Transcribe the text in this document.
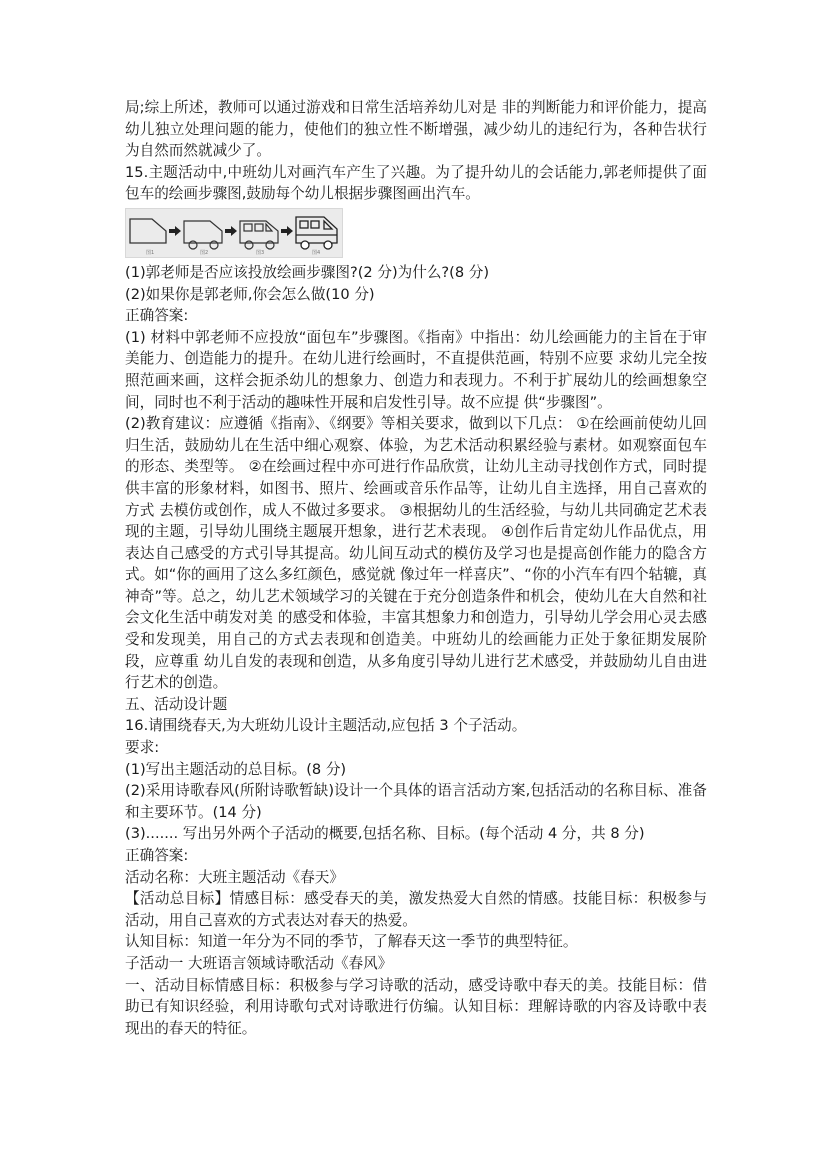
局;综上所述，教师可以通过游戏和日常生活培养幼儿对是 非的判断能力和评价能力，提高幼儿独立处理问题的能力，使他们的独立性不断增强，减少幼儿的违纪行为，各种告状行为自然而然就减少了。

15.主题活动中,中班幼儿对画汽车产生了兴趣。为了提升幼儿的会话能力,郭老师提供了面包车的绘画步骤图,鼓励每个幼儿根据步骤图画出汽车。

图1	图2	图3	图4

(1)郭老师是否应该投放绘画步骤图?(2 分)为什么?(8 分)

(2)如果你是郭老师,你会怎么做(10 分)

正确答案:

(1) 材料中郭老师不应投放“面包车”步骤图。《指南》中指出：幼儿绘画能力的主旨在于审美能力、创造能力的提升。在幼儿进行绘画时，不直提供范画，特别不应要 求幼儿完全按照范画来画，这样会扼杀幼儿的想象力、创造力和表现力。不利于扩展幼儿的绘画想象空间，同时也不利于活动的趣味性开展和启发性引导。故不应提 供“步骤图”。

(2)教育建议：应遵循《指南》、《纲要》等相关要求，做到以下几点： ①在绘画前使幼儿回归生活，鼓励幼儿在生活中细心观察、体验，为艺术活动积累经验与素材。如观察面包车的形态、类型等。 ②在绘画过程中亦可进行作品欣赏，让幼儿主动寻找创作方式，同时提供丰富的形象材料，如图书、照片、绘画或音乐作品等，让幼儿自主选择，用自己喜欢的方式 去模仿或创作，成人不做过多要求。 ③根据幼儿的生活经验，与幼儿共同确定艺术表现的主题，引导幼儿围绕主题展开想象，进行艺术表现。 ④创作后肯定幼儿作品优点，用表达自己感受的方式引导其提高。幼儿间互动式的模仿及学习也是提高创作能力的隐含方式。如“你的画用了这么多红颜色，感觉就 像过年一样喜庆”、“你的小汽车有四个轱辘，真神奇”等。总之，幼儿艺术领域学习的关键在于充分创造条件和机会，使幼儿在大自然和社会文化生活中萌发对美 的感受和体验，丰富其想象力和创造力，引导幼儿学会用心灵去感受和发现美，用自己的方式去表现和创造美。中班幼儿的绘画能力正处于象征期发展阶段，应尊重 幼儿自发的表现和创造，从多角度引导幼儿进行艺术感受，并鼓励幼儿自由进行艺术的创造。

五、活动设计题

16.请围绕春天,为大班幼儿设计主题活动,应包括 3 个子活动。

要求:

(1)写出主题活动的总目标。(8 分)

(2)采用诗歌春风(所附诗歌暂缺)设计一个具体的语言活动方案,包括活动的名称目标、准备和主要环节。(14 分)

(3)....... 写出另外两个子活动的概要,包括名称、目标。(每个活动 4 分，共 8 分)

正确答案:

活动名称：大班主题活动《春天》

【活动总目标】情感目标：感受春天的美，激发热爱大自然的情感。技能目标：积极参与活动，用自己喜欢的方式表达对春天的热爱。

认知目标：知道一年分为不同的季节，了解春天这一季节的典型特征。

子活动一 大班语言领域诗歌活动《春风》

一、活动目标情感目标：积极参与学习诗歌的活动，感受诗歌中春天的美。技能目标：借助已有知识经验，利用诗歌句式对诗歌进行仿编。认知目标：理解诗歌的内容及诗歌中表现出的春天的特征。
